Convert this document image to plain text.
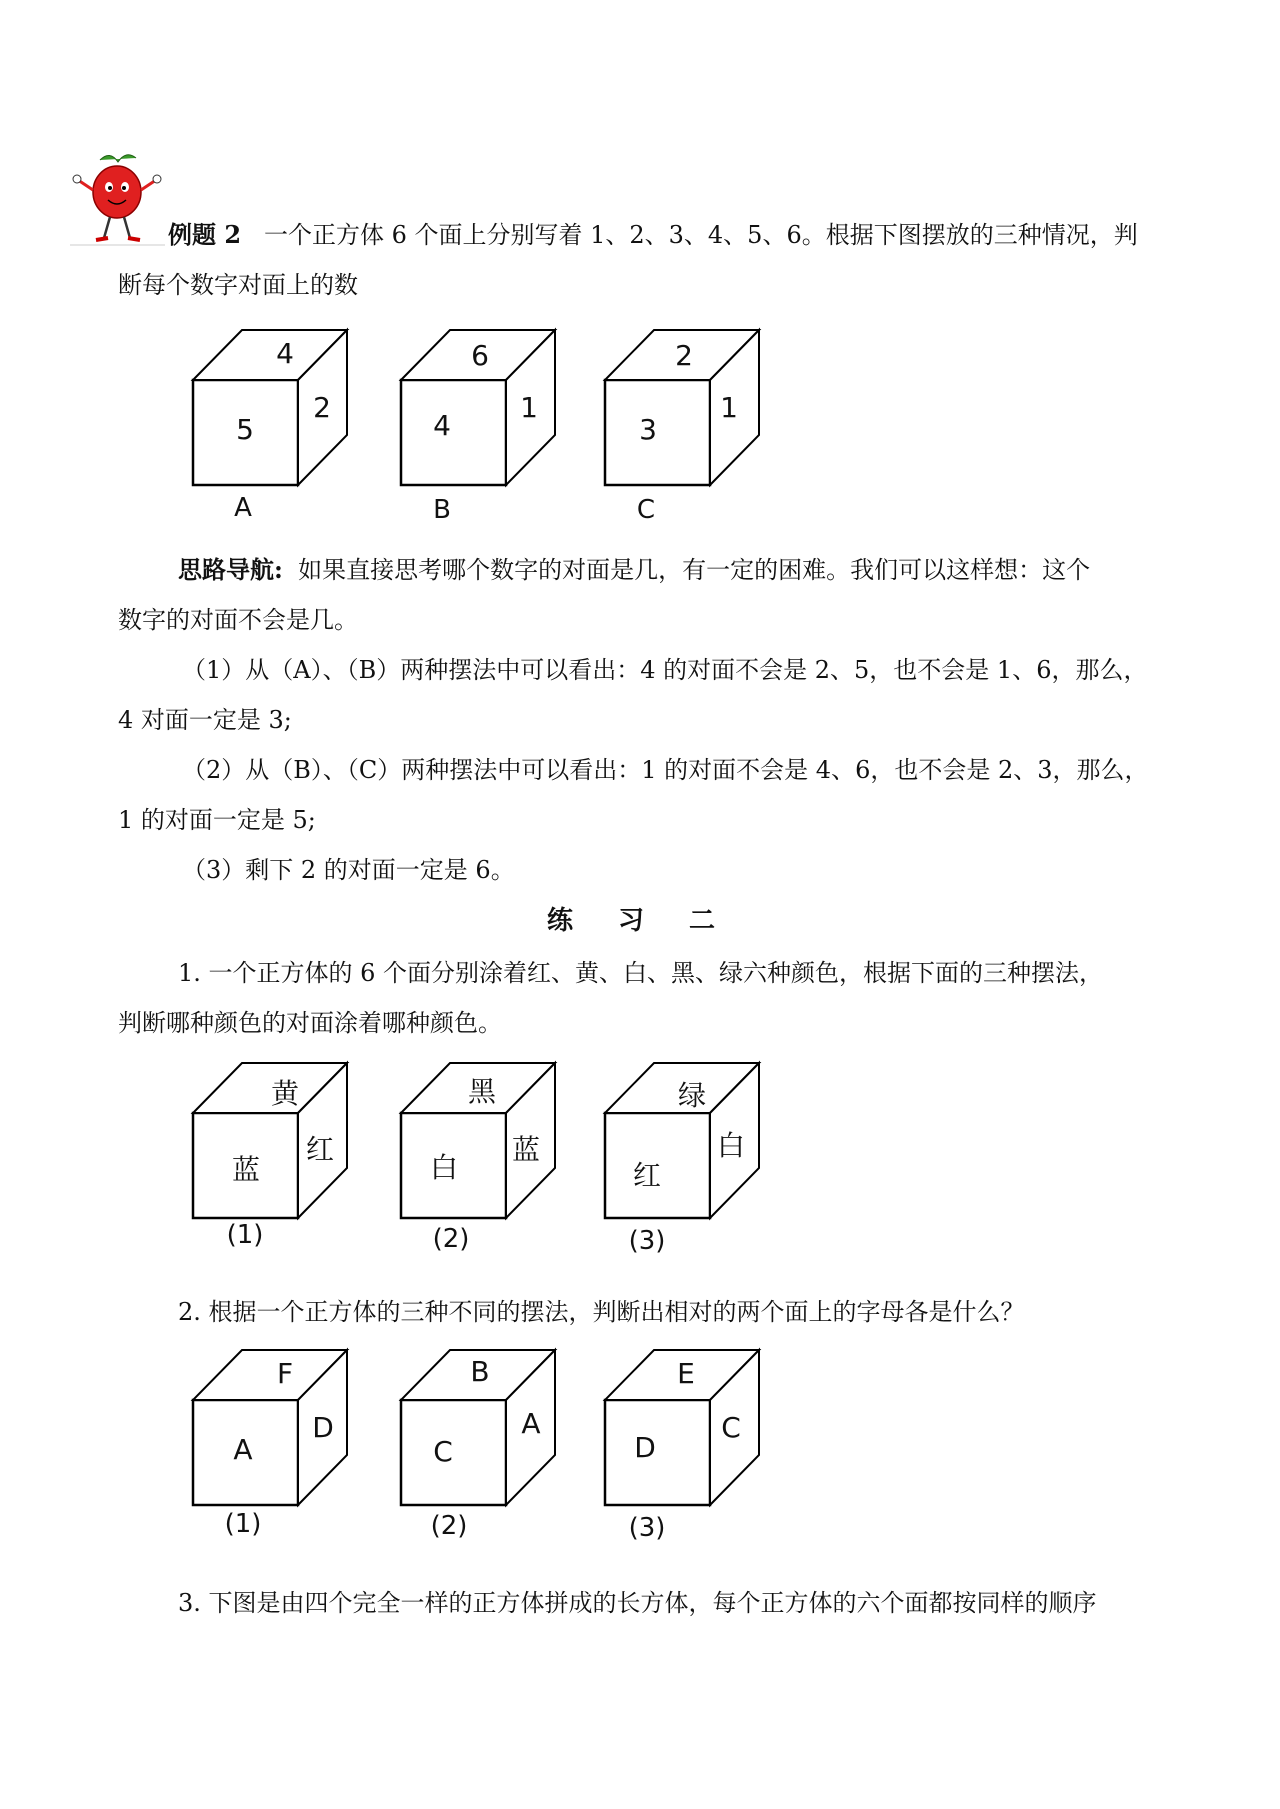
例题 2 一个正方体 6 个面上分别写着 1、2、3、4、5、6。根据下图摆放的三种情况，判

断每个数字对面上的数

4
5
2
A
6
4
1
B
2
3
1
C

思路导航: 如果直接思考哪个数字的对面是几，有一定的困难。我们可以这样想：这个

数字的对面不会是几。

（1）从（A）、（B）两种摆法中可以看出：4 的对面不会是 2、5，也不会是 1、6，那么，

4 对面一定是 3;

（2）从（B）、（C）两种摆法中可以看出：1 的对面不会是 4、6，也不会是 2、3，那么，

1 的对面一定是 5;

（3）剩下 2 的对面一定是 6。

练 习 二

1. 一个正方体的 6 个面分别涂着红、黄、白、黑、绿六种颜色，根据下面的三种摆法，

判断哪种颜色的对面涂着哪种颜色。

黄
蓝
红
(1)
黑
白
蓝
(2)
绿
红
白
(3)

2. 根据一个正方体的三种不同的摆法，判断出相对的两个面上的字母各是什么？

F
A
D
(1)
B
C
A
(2)
E
D
C
(3)

3. 下图是由四个完全一样的正方体拼成的长方体，每个正方体的六个面都按同样的顺序
